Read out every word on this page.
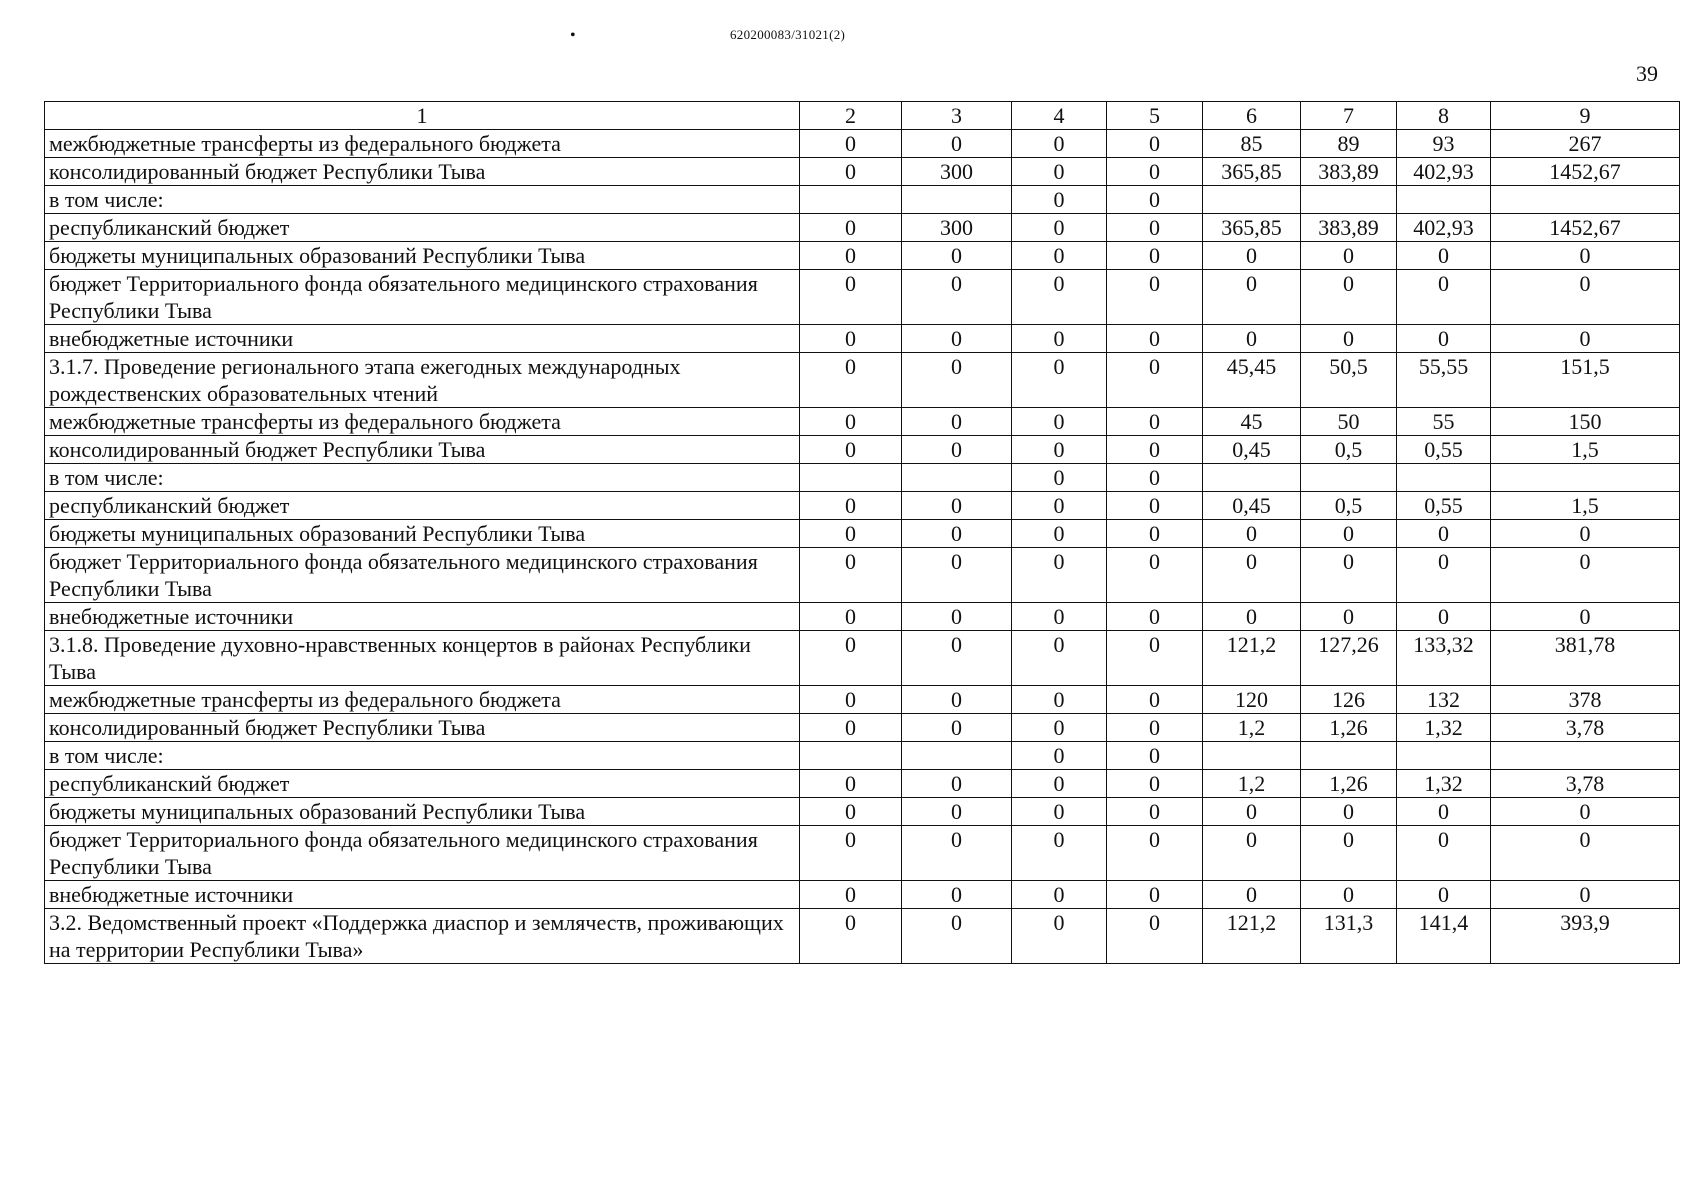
•	620200083/31021(2)
39
1	2	3	4	5	6	7	8	9
межбюджетные трансферты из федерального бюджета	0	0	0	0	85	89	93	267
консолидированный бюджет Республики Тыва	0	300	0	0	365,85	383,89	402,93	1452,67
в том числе:			0	0				
республиканский бюджет	0	300	0	0	365,85	383,89	402,93	1452,67
бюджеты муниципальных образований Республики Тыва	0	0	0	0	0	0	0	0
бюджет Территориального фонда обязательного медицинского страхования Республики Тыва	0	0	0	0	0	0	0	0
внебюджетные источники	0	0	0	0	0	0	0	0
3.1.7. Проведение регионального этапа ежегодных международных рождественских образовательных чтений	0	0	0	0	45,45	50,5	55,55	151,5
межбюджетные трансферты из федерального бюджета	0	0	0	0	45	50	55	150
консолидированный бюджет Республики Тыва	0	0	0	0	0,45	0,5	0,55	1,5
в том числе:			0	0				
республиканский бюджет	0	0	0	0	0,45	0,5	0,55	1,5
бюджеты муниципальных образований Республики Тыва	0	0	0	0	0	0	0	0
бюджет Территориального фонда обязательного медицинского страхования Республики Тыва	0	0	0	0	0	0	0	0
внебюджетные источники	0	0	0	0	0	0	0	0
3.1.8. Проведение духовно-нравственных концертов в районах Республики Тыва	0	0	0	0	121,2	127,26	133,32	381,78
межбюджетные трансферты из федерального бюджета	0	0	0	0	120	126	132	378
консолидированный бюджет Республики Тыва	0	0	0	0	1,2	1,26	1,32	3,78
в том числе:			0	0				
республиканский бюджет	0	0	0	0	1,2	1,26	1,32	3,78
бюджеты муниципальных образований Республики Тыва	0	0	0	0	0	0	0	0
бюджет Территориального фонда обязательного медицинского страхования Республики Тыва	0	0	0	0	0	0	0	0
внебюджетные источники	0	0	0	0	0	0	0	0
3.2. Ведомственный проект «Поддержка диаспор и землячеств, проживающих на территории Республики Тыва»	0	0	0	0	121,2	131,3	141,4	393,9
